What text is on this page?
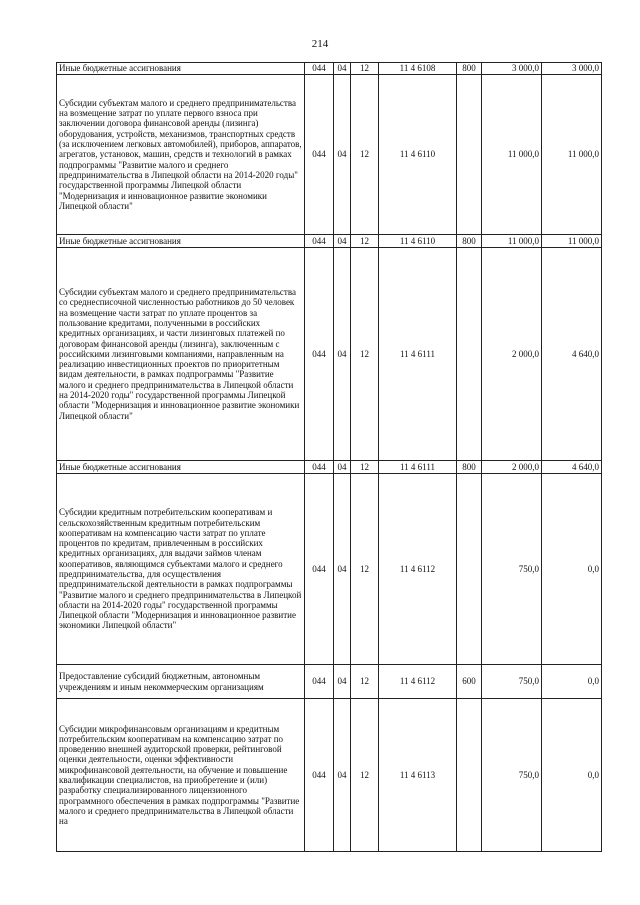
214
Иные бюджетные ассигнования	044	04	12	11 4 6108	800	3 000,0	3 000,0
Субсидии субъектам малого и среднего предпринимательства на возмещение затрат по уплате первого взноса при заключении договора финансовой аренды (лизинга) оборудования, устройств, механизмов, транспортных средств (за исключением легковых автомобилей), приборов, аппаратов, агрегатов, установок, машин, средств и технологий в рамках подпрограммы "Развитие малого и среднего предпринимательства в Липецкой области на 2014-2020 годы" государственной программы Липецкой области "Модернизация и инновационное развитие экономики Липецкой области"	044	04	12	11 4 6110		11 000,0	11 000,0
Иные бюджетные ассигнования	044	04	12	11 4 6110	800	11 000,0	11 000,0
Субсидии субъектам малого и среднего предпринимательства со среднесписочной численностью работников до 50 человек на возмещение части затрат по уплате процентов за пользование кредитами, полученными в российских кредитных организациях, и части лизинговых платежей по договорам финансовой аренды (лизинга), заключенным с российскими лизинговыми компаниями, направленным на реализацию инвестиционных проектов по приоритетным видам деятельности, в рамках подпрограммы "Развитие малого и среднего предпринимательства в Липецкой области на 2014-2020 годы" государственной программы Липецкой области "Модернизация и инновационное развитие экономики Липецкой области"	044	04	12	11 4 6111		2 000,0	4 640,0
Иные бюджетные ассигнования	044	04	12	11 4 6111	800	2 000,0	4 640,0
Субсидии кредитным потребительским кооперативам и сельскохозяйственным кредитным потребительским кооперативам на компенсацию части затрат по уплате процентов по кредитам, привлеченным в российских кредитных организациях, для выдачи займов членам кооперативов, являющимся субъектами малого и среднего предпринимательства, для осуществления предпринимательской деятельности в рамках подпрограммы "Развитие малого и среднего предпринимательства в Липецкой области на 2014-2020 годы" государственной программы Липецкой области "Модернизация и инновационное развитие экономики Липецкой области"	044	04	12	11 4 6112		750,0	0,0
Предоставление субсидий бюджетным, автономным учреждениям и иным некоммерческим организациям	044	04	12	11 4 6112	600	750,0	0,0
Субсидии микрофинансовым организациям и кредитным потребительским кооперативам на компенсацию затрат по проведению внешней аудиторской проверки, рейтинговой оценки деятельности, оценки эффективности микрофинансовой деятельности, на обучение и повышение квалификации специалистов, на приобретение и (или) разработку специализированного лицензионного программного обеспечения в рамках подпрограммы "Развитие малого и среднего предпринимательства в Липецкой области на	044	04	12	11 4 6113		750,0	0,0
